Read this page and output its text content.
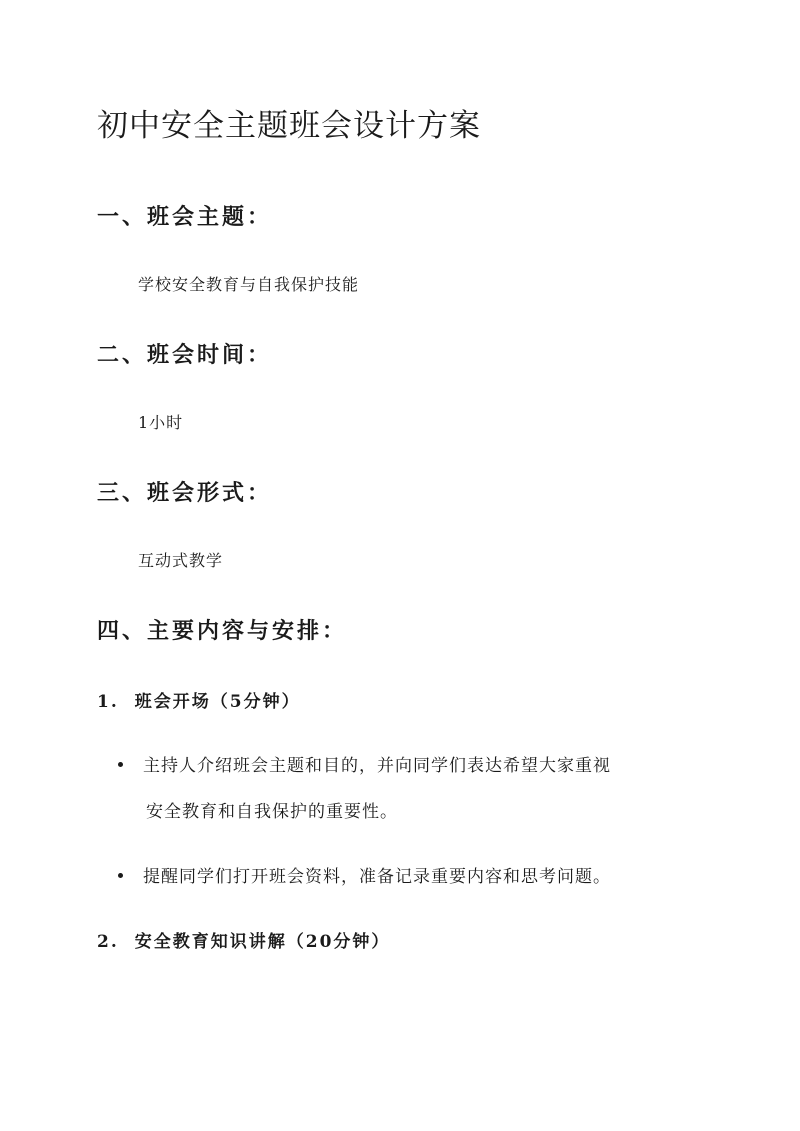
初中安全主题班会设计方案
一、班会主题：
学校安全教育与自我保护技能
二、班会时间：
1小时
三、班会形式：
互动式教学
四、主要内容与安排：
1. 班会开场（5分钟）
主持人介绍班会主题和目的，并向同学们表达希望大家重视
安全教育和自我保护的重要性。
提醒同学们打开班会资料，准备记录重要内容和思考问题。
2. 安全教育知识讲解（20分钟）
